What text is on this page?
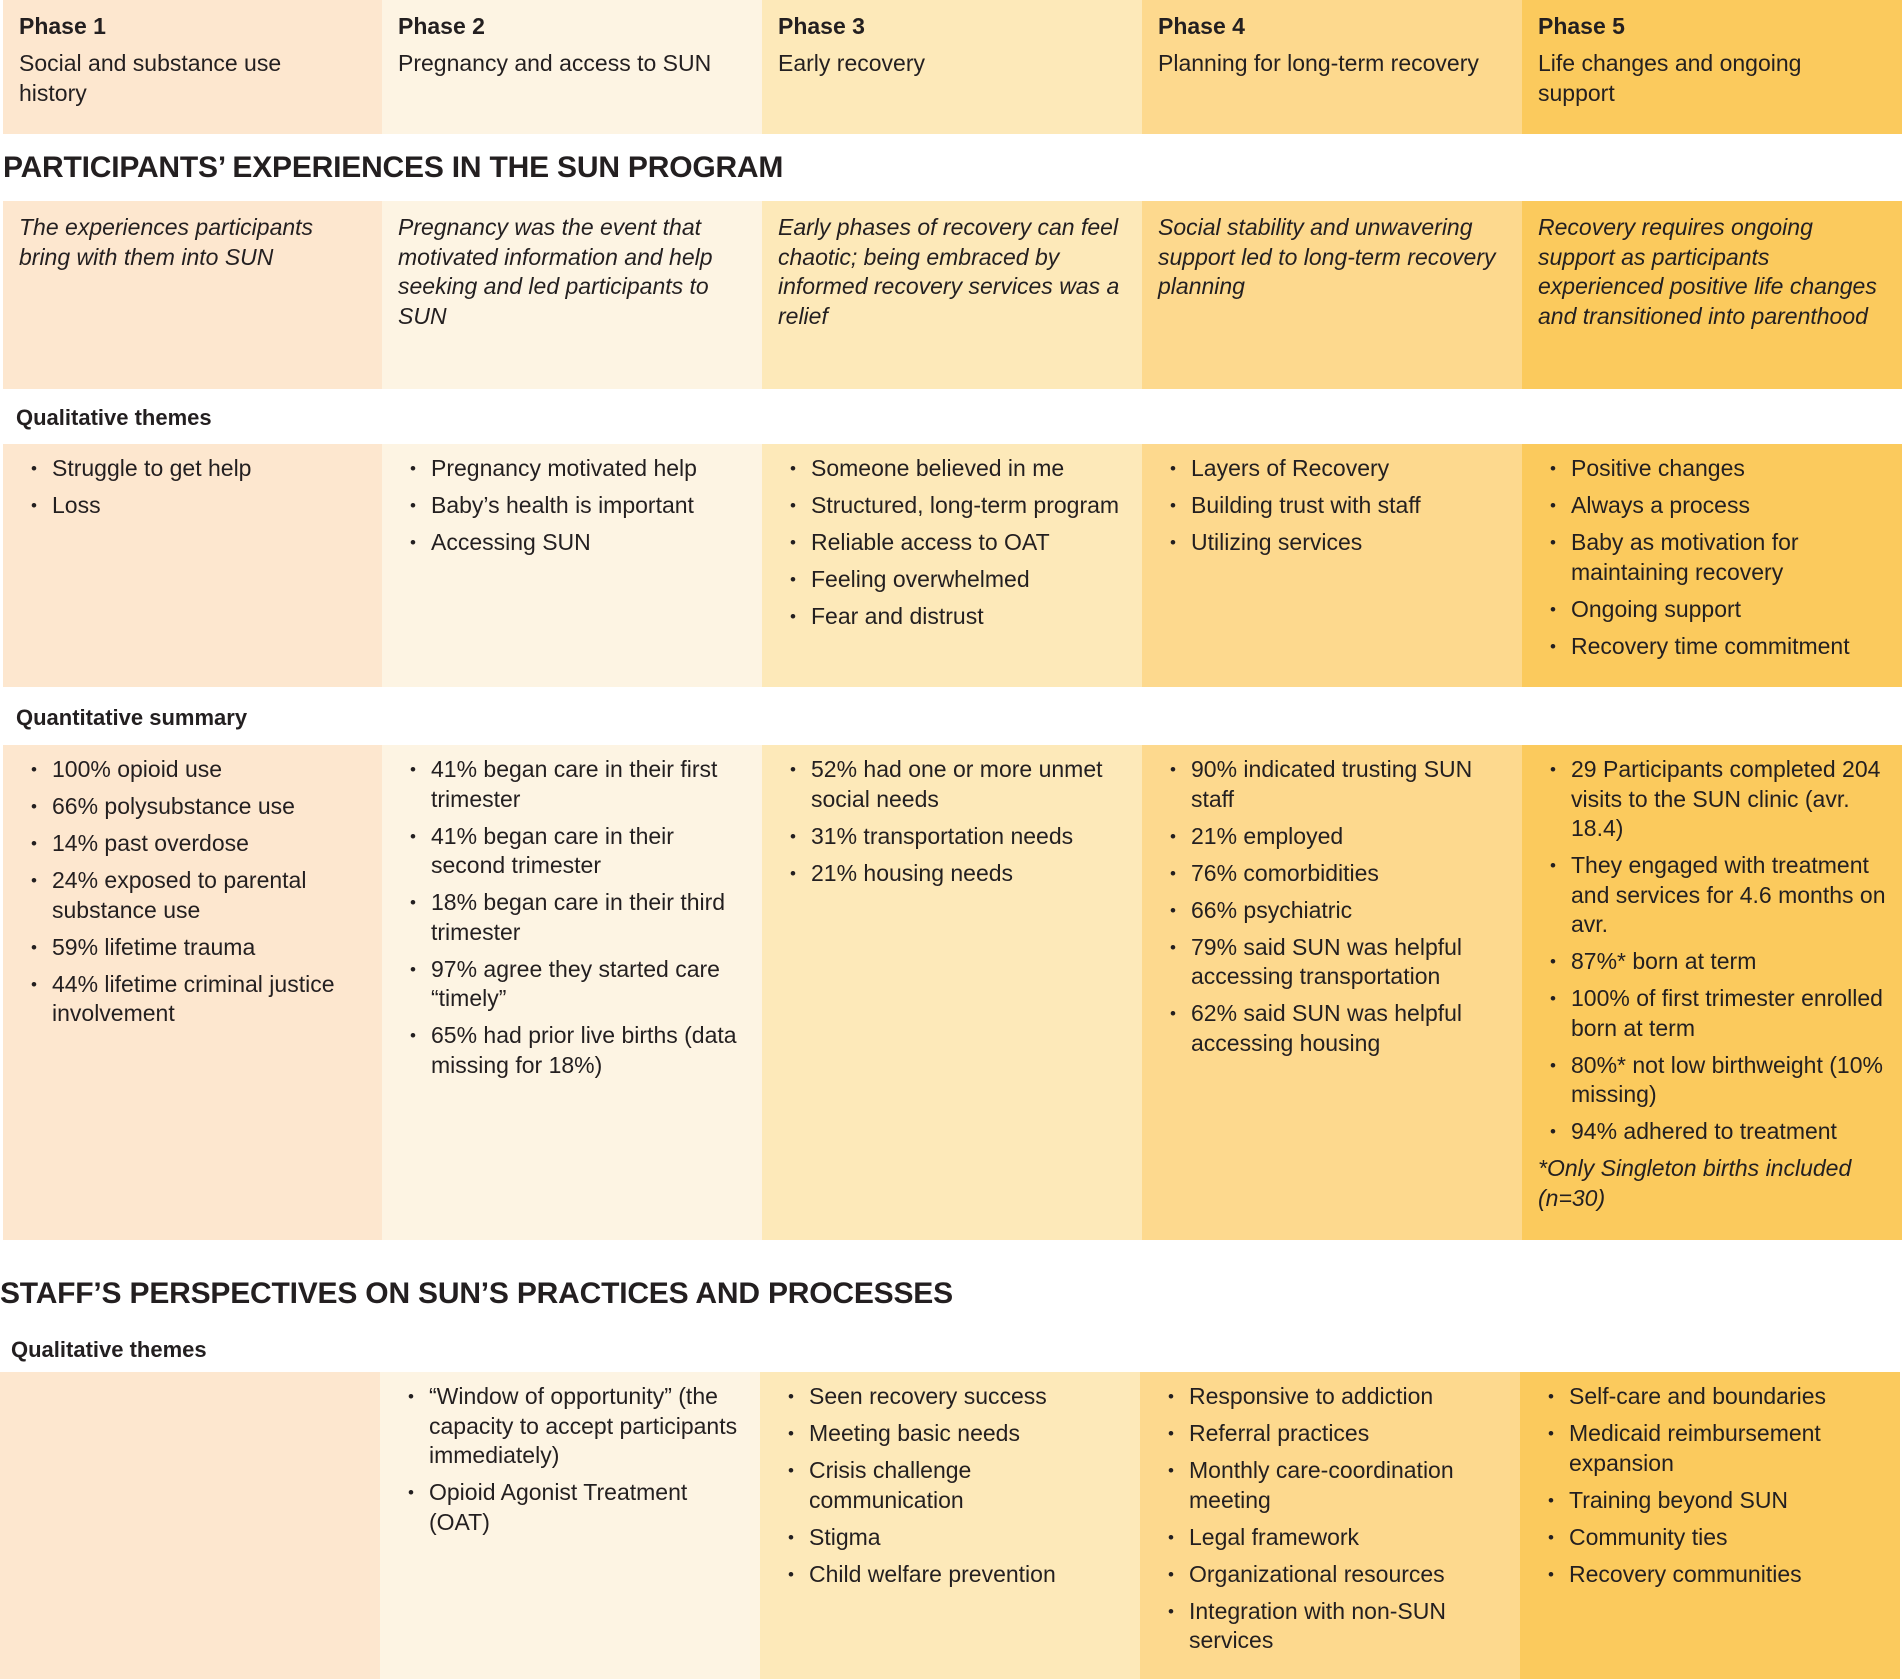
Phase 1
Social and substance use history
Phase 2
Pregnancy and access to SUN
Phase 3
Early recovery
Phase 4
Planning for long-term recovery
Phase 5
Life changes and ongoing support
PARTICIPANTS’ EXPERIENCES IN THE SUN PROGRAM
The experiences participants bring with them into SUN
Pregnancy was the event that motivated information and help seeking and led participants to SUN
Early phases of recovery can feel chaotic; being embraced by informed recovery services was a relief
Social stability and unwavering support led to long-term recovery planning
Recovery requires ongoing support as participants experienced positive life changes and transitioned into parenthood
Qualitative themes
• Struggle to get help
• Loss
• Pregnancy motivated help
• Baby’s health is important
• Accessing SUN
• Someone believed in me
• Structured, long-term program
• Reliable access to OAT
• Feeling overwhelmed
• Fear and distrust
• Layers of Recovery
• Building trust with staff
• Utilizing services
• Positive changes
• Always a process
• Baby as motivation for maintaining recovery
• Ongoing support
• Recovery time commitment
Quantitative summary
• 100% opioid use
• 66% polysubstance use
• 14% past overdose
• 24% exposed to parental substance use
• 59% lifetime trauma
• 44% lifetime criminal justice involvement
• 41% began care in their first trimester
• 41% began care in their second trimester
• 18% began care in their third trimester
• 97% agree they started care “timely”
• 65% had prior live births (data missing for 18%)
• 52% had one or more unmet social needs
• 31% transportation needs
• 21% housing needs
• 90% indicated trusting SUN staff
• 21% employed
• 76% comorbidities
• 66% psychiatric
• 79% said SUN was helpful accessing transportation
• 62% said SUN was helpful accessing housing
• 29 Participants completed 204 visits to the SUN clinic (avr. 18.4)
• They engaged with treatment and services for 4.6 months on avr.
• 87%* born at term
• 100% of first trimester enrolled born at term
• 80%* not low birthweight (10% missing)
• 94% adhered to treatment
*Only Singleton births included (n=30)
STAFF’S PERSPECTIVES ON SUN’S PRACTICES AND PROCESSES
Qualitative themes
• “Window of opportunity” (the capacity to accept participants immediately)
• Opioid Agonist Treatment (OAT)
• Seen recovery success
• Meeting basic needs
• Crisis challenge communication
• Stigma
• Child welfare prevention
• Responsive to addiction
• Referral practices
• Monthly care-coordination meeting
• Legal framework
• Organizational resources
• Integration with non-SUN services
• Self-care and boundaries
• Medicaid reimbursement expansion
• Training beyond SUN
• Community ties
• Recovery communities
